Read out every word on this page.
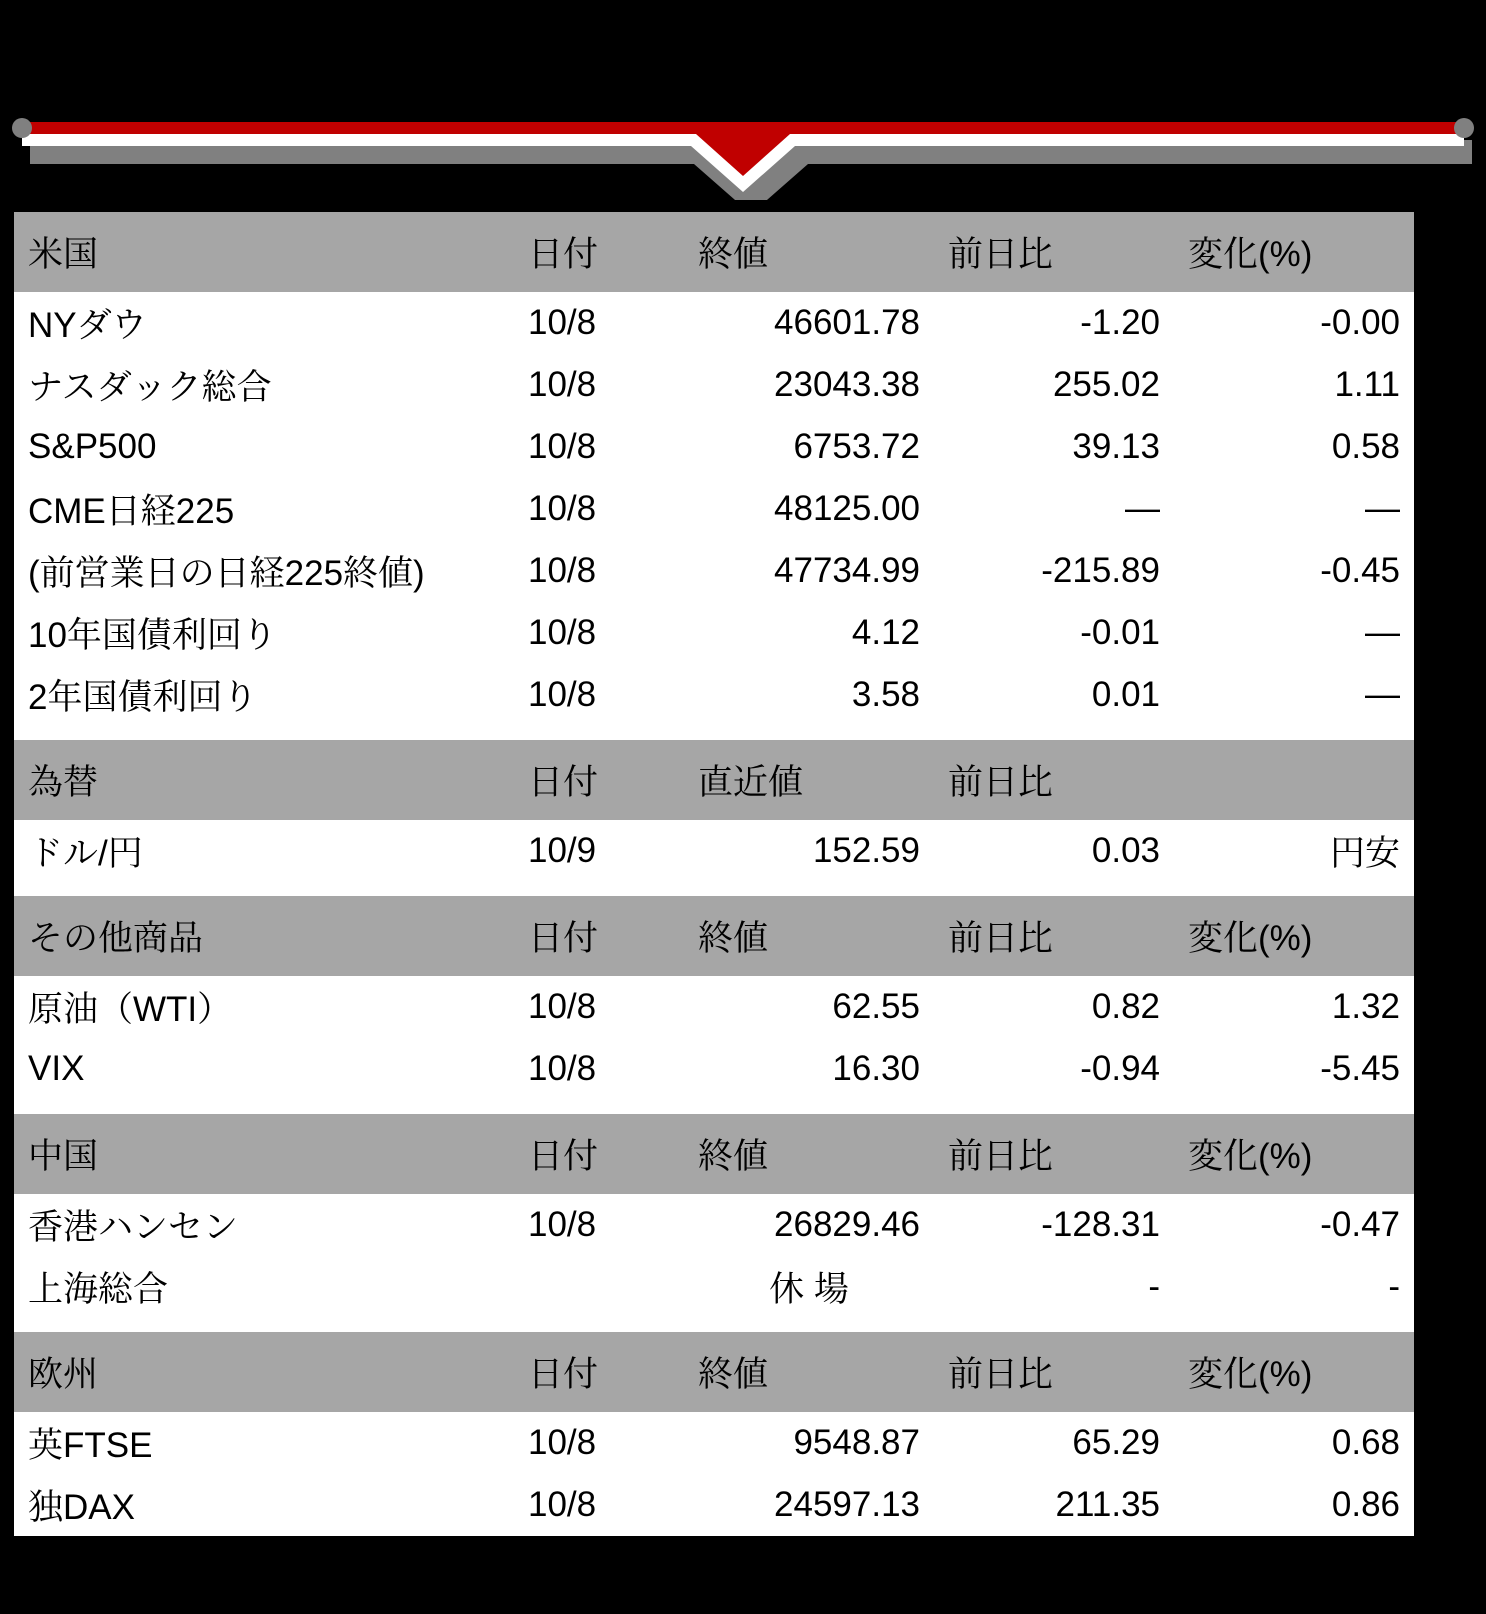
米国	日付	終値	前日比	変化(%)
NYダウ	10/8	46601.78	-1.20	-0.00
ナスダック総合	10/8	23043.38	255.02	1.11
S&P500	10/8	6753.72	39.13	0.58
CME日経225	10/8	48125.00	—	—
(前営業日の日経225終値)	10/8	47734.99	-215.89	-0.45
10年国債利回り	10/8	4.12	-0.01	—
2年国債利回り	10/8	3.58	0.01	—

為替	日付	直近値	前日比	
ドル/円	10/9	152.59	0.03	円安

その他商品	日付	終値	前日比	変化(%)
原油（WTI）	10/8	62.55	0.82	1.32
VIX	10/8	16.30	-0.94	-5.45

中国	日付	終値	前日比	変化(%)
香港ハンセン	10/8	26829.46	-128.31	-0.47
上海総合		休 場	-	-

欧州	日付	終値	前日比	変化(%)
英FTSE	10/8	9548.87	65.29	0.68
独DAX	10/8	24597.13	211.35	0.86
